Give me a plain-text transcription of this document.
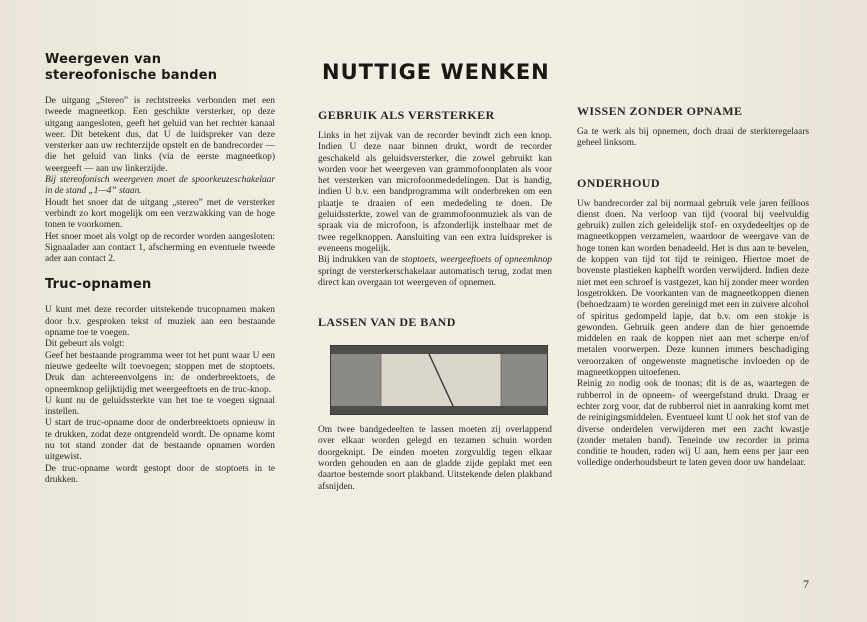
Weergeven van
stereofonische banden

De uitgang „Stereo” is rechtstreeks verbonden met een tweede magneetkop. Een geschikte versterker, op deze uitgang aangesloten, geeft het geluid van het rechter kanaal weer. Dit betekent dus, dat U de luidspreker van deze versterker aan uw rechterzijde opstelt en de bandrecorder — die het geluid van links (via de eerste magneetkop) weergeeft — aan uw linkerzijde.

Bij stereofonisch weergeven moet de spoorkeuzeschakelaar in de stand „1—4” staan.

Houdt het snoer dat de uitgang „stereo” met de versterker verbindt zo kort mogelijk om een verzwakking van de hoge tonen te voorkomen.

Het snoer moet als volgt op de recorder worden aangesloten: Signaalader aan contact 1, afscherming en eventuele tweede ader aan contact 2.

Truc-opnamen

U kunt met deze recorder uitstekende trucopnamen maken door b.v. gesproken tekst of muziek aan een bestaande opname toe te voegen.

Dit gebeurt als volgt:

Geef het bestaande programma weer tot het punt waar U een nieuwe gedeelte wilt toevoegen; stoppen met de stoptoets. Druk dan achtereenvolgens in: de onderbreektoets, de opneemknop gelijktijdig met weergeeftoets en de truc-knop.

U kunt nu de geluidssterkte van het toe te voegen signaal instellen.

U start de truc-opname door de onderbreektoets opnieuw in te drukken, zodat deze ontgrendeld wordt. De opname komt nu tot stand zonder dat de bestaande opnamen worden uitgewist.

De truc-opname wordt gestopt door de stoptoets in te drukken.

NUTTIGE WENKEN
GEBRUIK ALS VERSTERKER

Links in het zijvak van de recorder bevindt zich een knop. Indien U deze naar binnen drukt, wordt de recorder geschakeld als geluidsversterker, die zowel gebruikt kan worden voor het weergeven van grammofoonplaten als voor het versterken van microfoonmededelingen. Dat is handig, indien U b.v. een bandprogramma wilt onderbreken om een plaatje te draaien of een mededeling te doen. De geluidssterkte, zowel van de grammofoonmuziek als van de spraak via de microfoon, is afzonderlijk instelbaar met de twee regelknoppen. Aansluiting van een extra luidspreker is eveneens mogelijk.

Bij indrukken van de stoptoets, weergeeftoets of opneemknop springt de versterkerschakelaar automatisch terug, zodat men direct kan overgaan tot weergeven of opnemen.

LASSEN VAN DE BAND

Om twee bandgedeelten te lassen moeten zij overlappend over elkaar worden gelegd en tezamen schuin worden doorgeknipt. De einden moeten zorgvuldig tegen elkaar worden gehouden en aan de gladde zijde geplakt met een daartoe bestemde soort plakband. Uitstekende delen plakband afsnijden.

WISSEN ZONDER OPNAME

Ga te werk als bij opnemen, doch draai de sterkteregelaars geheel linksom.

ONDERHOUD

Uw bandrecorder zal bij normaal gebruik vele jaren feilloos dienst doen. Na verloop van tijd (vooral bij veelvuldig gebruik) zullen zich geleidelijk stof- en oxydedeeltjes op de magneetkoppen verzamelen, waardoor de weergave van de hoge tonen kan worden benadeeld. Het is dus aan te bevelen, de koppen van tijd tot tijd te reinigen. Hiertoe moet de bovenste plastieken kaphelft worden verwijderd. Indien deze niet met een schroef is vastgezet, kan hij zonder meer worden losgetrokken. De voorkanten van de magneetkoppen dienen (behoedzaam) te worden gereinigd met een in zuivere alcohol of spiritus gedompeld lapje, dat b.v. om een stokje is gewonden. Gebruik geen andere dan de hier genoemde middelen en raak de koppen niet aan met scherpe en/of metalen voorwerpen. Deze kunnen immers beschadiging veroorzaken of ongewenste magnetische invloeden op de magneetkoppen uitoefenen.

Reinig zo nodig ook de toonas; dit is de as, waartegen de rubberrol in de opneem- of weergefstand drukt. Draag er echter zorg voor, dat de rubberrol niet in aanraking komt met de reinigingsmiddelen. Eventueel kunt U ook het stof van de diverse onderdelen verwijderen met een zacht kwastje (zonder metalen band). Teneinde uw recorder in prima conditie te houden, raden wij U aan, hem eens per jaar een volledige onderhoudsbeurt te laten geven door uw handelaar.

7
